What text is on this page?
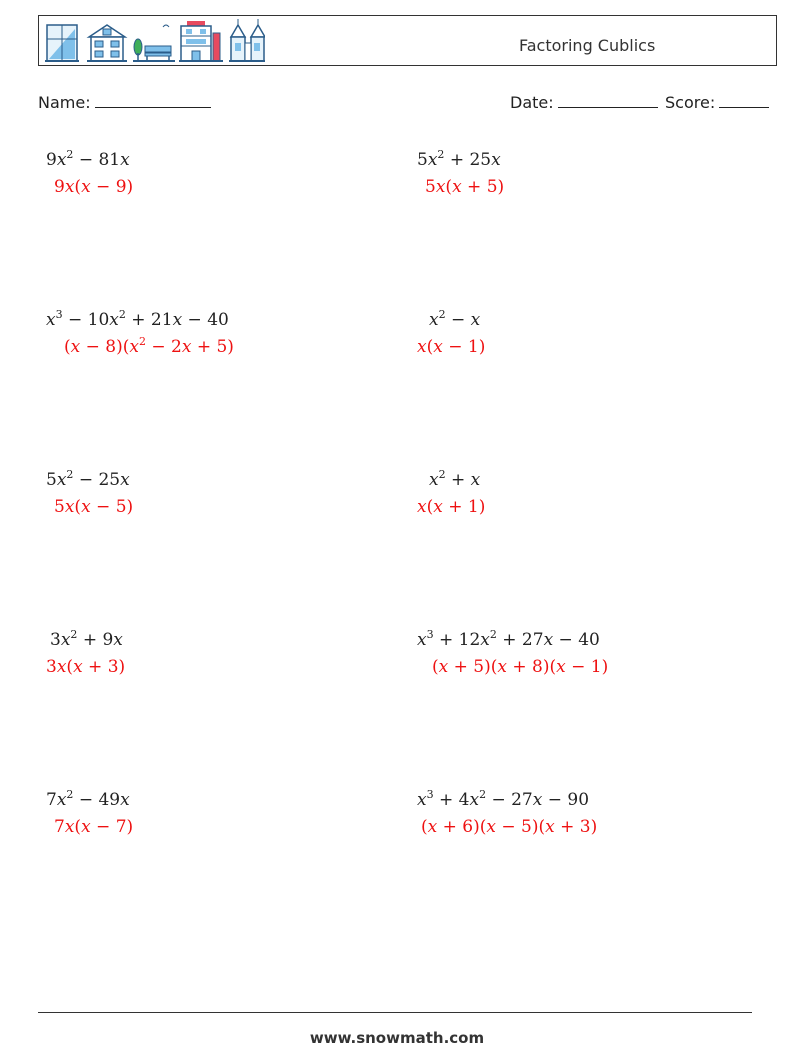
Factoring Cublics
Name:	Date:	Score:
$9x^2 - 81x$
9x(x − 9)
$5x^2 + 25x$
5x(x + 5)
$x^3 - 10x^2 + 21x - 40$
$(x - 8)(x^2 - 2x + 5)$
$x^2 - x$
x(x − 1)
$5x^2 - 25x$
5x(x − 5)
$x^2 + x$
x(x + 1)
$3x^2 + 9x$
3x(x + 3)
$x^3 + 12x^2 + 27x - 40$
(x + 5)(x + 8)(x − 1)
$7x^2 - 49x$
7x(x − 7)
$x^3 + 4x^2 - 27x - 90$
(x + 6)(x − 5)(x + 3)
www.snowmath.com
